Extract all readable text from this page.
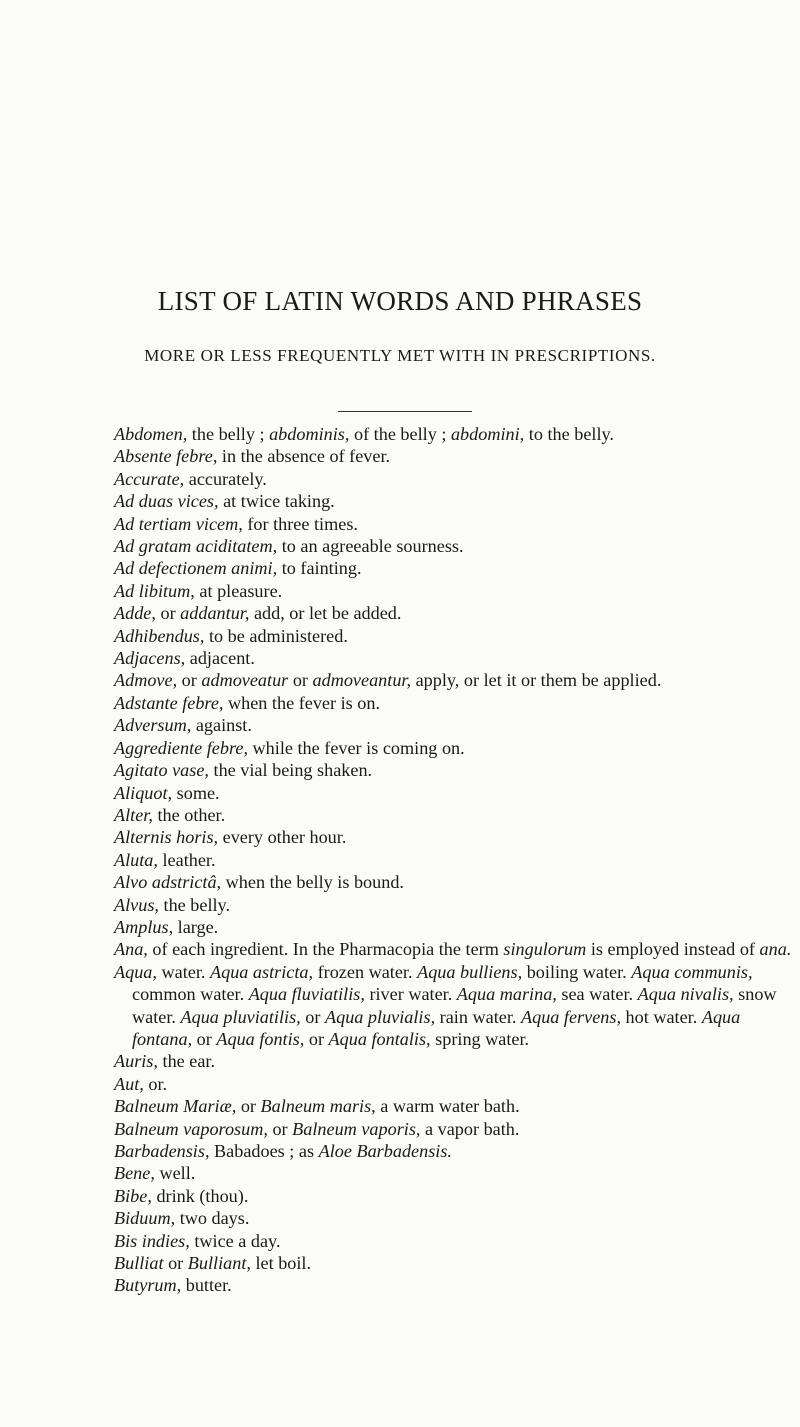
LIST OF LATIN WORDS AND PHRASES

MORE OR LESS FREQUENTLY MET WITH IN PRESCRIPTIONS.

Abdomen, the belly ; abdominis, of the belly ; abdomini, to the belly.

Absente febre, in the absence of fever.

Accurate, accurately.

Ad duas vices, at twice taking.

Ad tertiam vicem, for three times.

Ad gratam aciditatem, to an agreeable sourness.

Ad defectionem animi, to fainting.

Ad libitum, at pleasure.

Adde, or addantur, add, or let be added.

Adhibendus, to be administered.

Adjacens, adjacent.

Admove, or admoveatur or admoveantur, apply, or let it or them be applied.

Adstante febre, when the fever is on.

Adversum, against.

Aggrediente febre, while the fever is coming on.

Agitato vase, the vial being shaken.

Aliquot, some.

Alter, the other.

Alternis horis, every other hour.

Aluta, leather.

Alvo adstrictâ, when the belly is bound.

Alvus, the belly.

Amplus, large.

Ana, of each ingredient. In the Pharmacopia the term singulorum is employed instead of ana.

Aqua, water. Aqua astricta, frozen water. Aqua bulliens, boiling water. Aqua communis, common water. Aqua fluviatilis, river water. Aqua marina, sea water. Aqua nivalis, snow water. Aqua pluviatilis, or Aqua pluvialis, rain water. Aqua fervens, hot water. Aqua fontana, or Aqua fontis, or Aqua fontalis, spring water.

Auris, the ear.

Aut, or.

Balneum Mariæ, or Balneum maris, a warm water bath.

Balneum vaporosum, or Balneum vaporis, a vapor bath.

Barbadensis, Babadoes ; as Aloe Barbadensis.

Bene, well.

Bibe, drink (thou).

Biduum, two days.

Bis indies, twice a day.

Bulliat or Bulliant, let boil.

Butyrum, butter.
